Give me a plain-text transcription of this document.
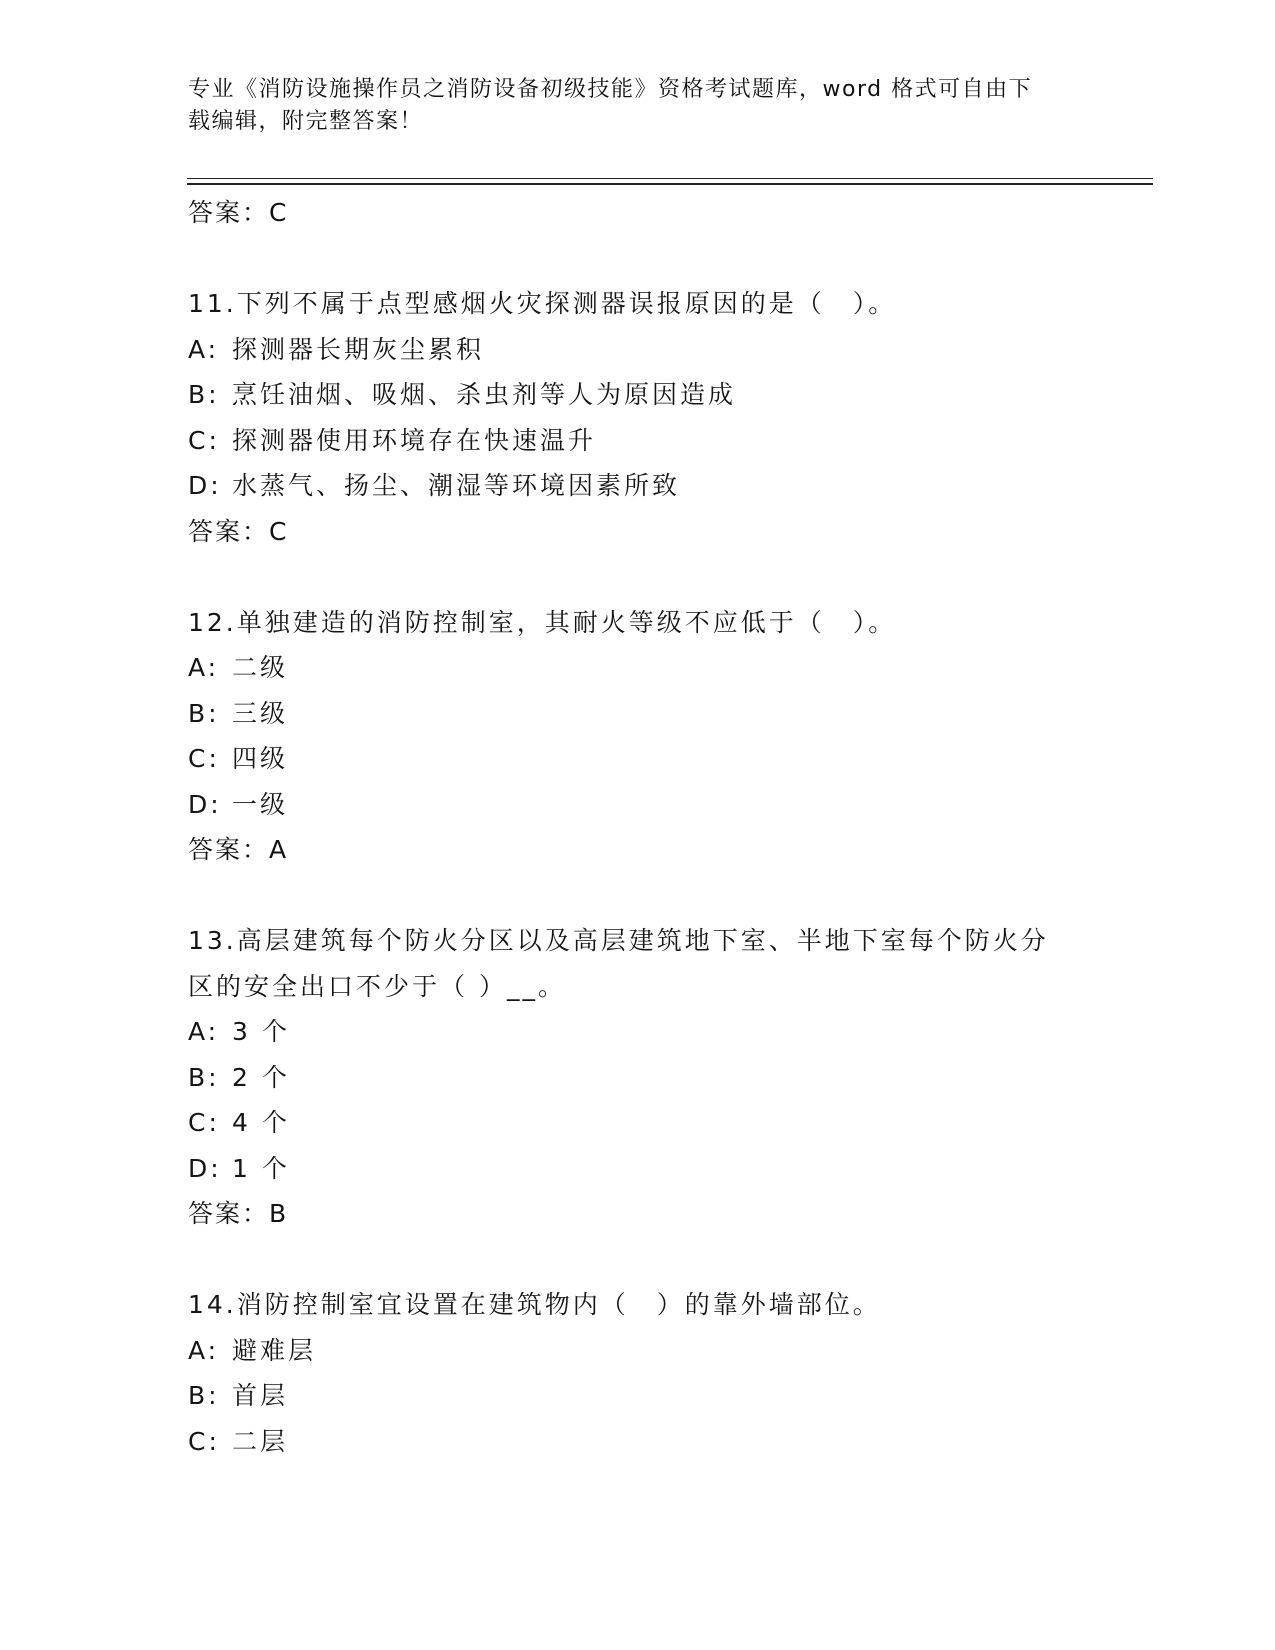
专业《消防设施操作员之消防设备初级技能》资格考试题库，word 格式可自由下
载编辑，附完整答案！
答案：C
11.下列不属于点型感烟火灾探测器误报原因的是（　）。
A: 探测器长期灰尘累积
B: 烹饪油烟、吸烟、杀虫剂等人为原因造成
C: 探测器使用环境存在快速温升
D: 水蒸气、扬尘、潮湿等环境因素所致
答案：C
12.单独建造的消防控制室，其耐火等级不应低于（　）。
A: 二级
B: 三级
C: 四级
D: 一级
答案：A
13.高层建筑每个防火分区以及高层建筑地下室、半地下室每个防火分
区的安全出口不少于（ ）__。
A: 3 个
B: 2 个
C: 4 个
D: 1 个
答案：B
14.消防控制室宜设置在建筑物内（　）的靠外墙部位。
A: 避难层
B: 首层
C: 二层
